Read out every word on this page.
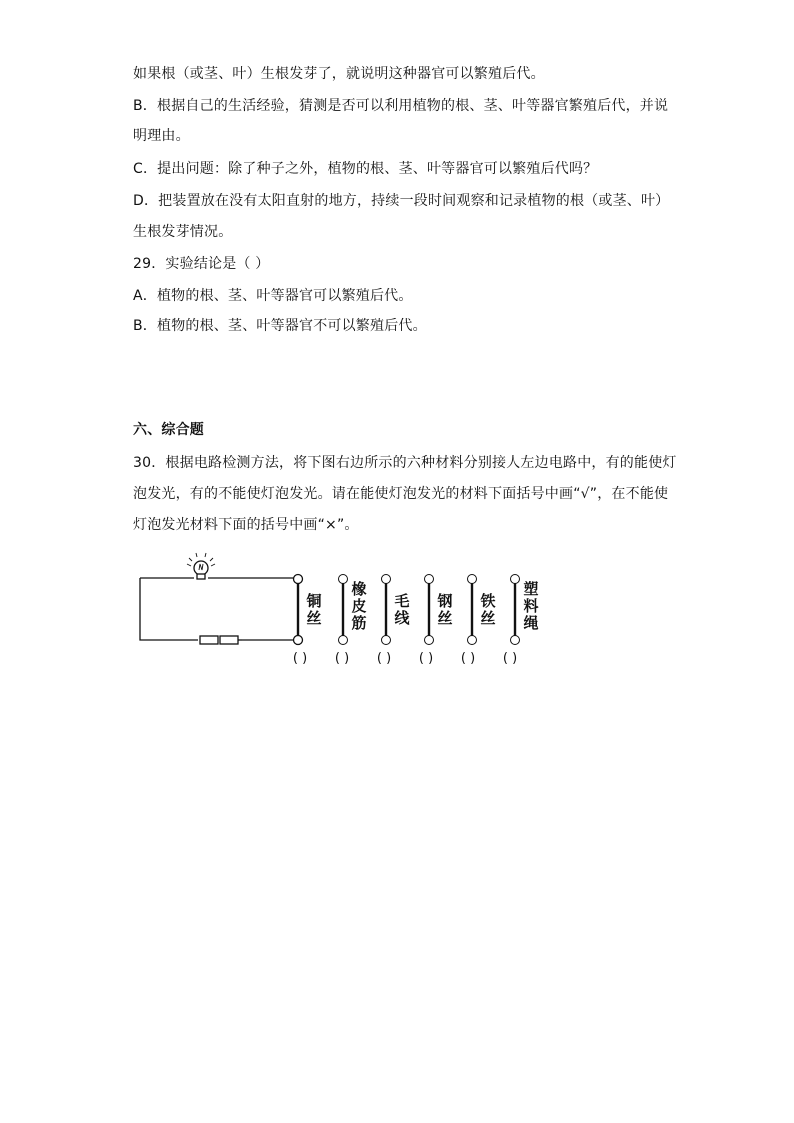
如果根（或茎、叶）生根发芽了，就说明这种器官可以繁殖后代。
B．根据自己的生活经验，猜测是否可以利用植物的根、茎、叶等器官繁殖后代，并说
明理由。
C．提出问题：除了种子之外，植物的根、茎、叶等器官可以繁殖后代吗？
D．把装置放在没有太阳直射的地方，持续一段时间观察和记录植物的根（或茎、叶）
生根发芽情况。
29．实验结论是（ ）
A．植物的根、茎、叶等器官可以繁殖后代。
B．植物的根、茎、叶等器官不可以繁殖后代。
六、综合题
30．根据电路检测方法，将下图右边所示的六种材料分别接人左边电路中，有的能使灯
泡发光，有的不能使灯泡发光。请在能使灯泡发光的材料下面括号中画“√”，在不能使
灯泡发光材料下面的括号中画“×”。
铜
丝
( )
橡
皮
筋
( )
毛
线
( )
钢
丝
( )
铁
丝
( )
塑
料
绳
( )
